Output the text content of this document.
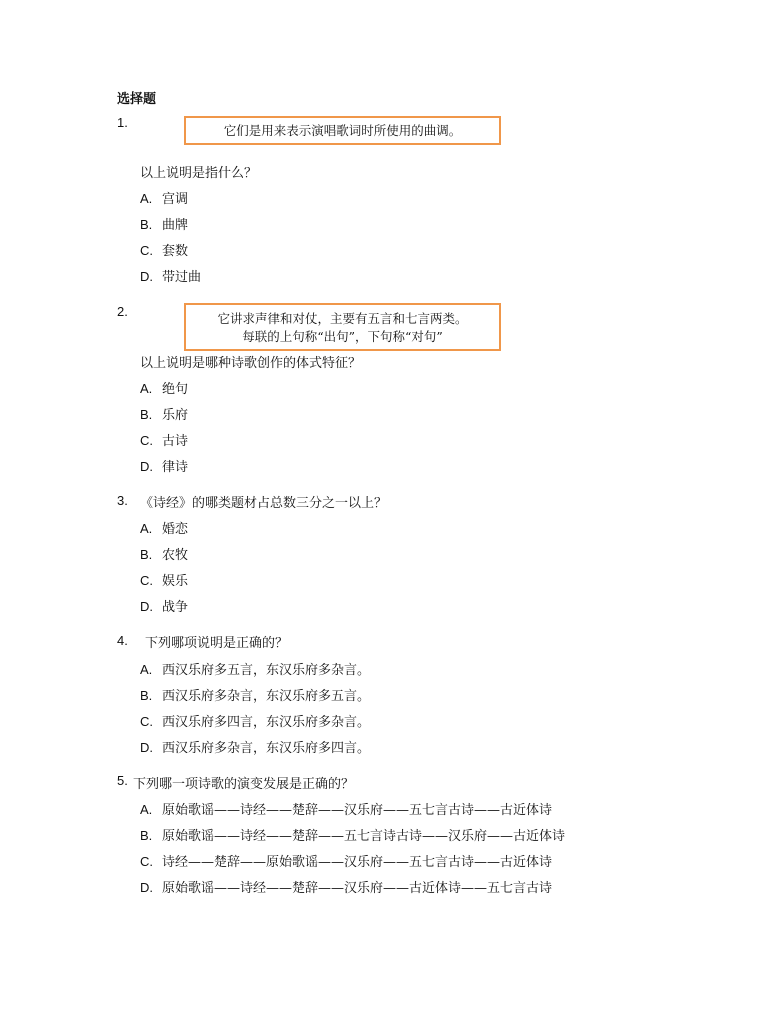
选择题
1.
它们是用来表示演唱歌词时所使用的曲调。
以上说明是指什么？
A. 宫调
B. 曲牌
C. 套数
D. 带过曲
2.	它讲求声律和对仗，主要有五言和七言两类。
每联的上句称“出句”，下句称“对句”
以上说明是哪种诗歌创作的体式特征？
A. 绝句
B. 乐府
C. 古诗
D. 律诗
3. 《诗经》的哪类题材占总数三分之一以上？
A. 婚恋
B. 农牧
C. 娱乐
D. 战争
4. 下列哪项说明是正确的？
A. 西汉乐府多五言，东汉乐府多杂言。
B. 西汉乐府多杂言，东汉乐府多五言。
C. 西汉乐府多四言，东汉乐府多杂言。
D. 西汉乐府多杂言，东汉乐府多四言。
5. 下列哪一项诗歌的演变发展是正确的？
A. 原始歌谣——诗经——楚辞——汉乐府——五七言古诗——古近体诗
B. 原始歌谣——诗经——楚辞——五七言诗古诗——汉乐府——古近体诗
C. 诗经——楚辞——原始歌谣——汉乐府——五七言古诗——古近体诗
D. 原始歌谣——诗经——楚辞——汉乐府——古近体诗——五七言古诗
